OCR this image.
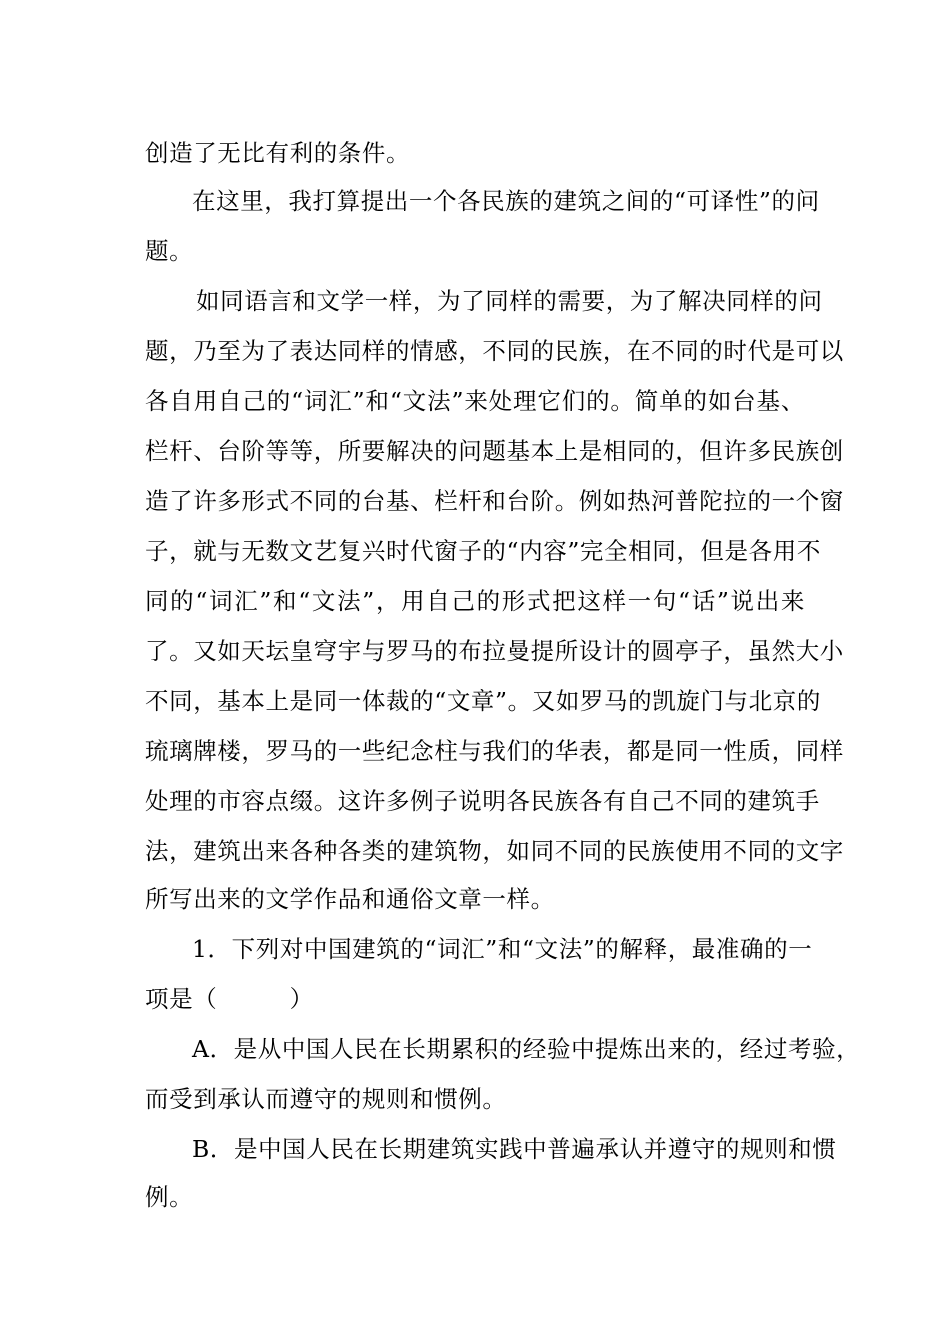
创造了无比有利的条件。
在这里，我打算提出一个各民族的建筑之间的“可译性”的问
题。
如同语言和文学一样，为了同样的需要，为了解决同样的问
题，乃至为了表达同样的情感，不同的民族，在不同的时代是可以
各自用自己的“词汇”和“文法”来处理它们的。简单的如台基、
栏杆、台阶等等，所要解决的问题基本上是相同的，但许多民族创
造了许多形式不同的台基、栏杆和台阶。例如热河普陀拉的一个窗
子，就与无数文艺复兴时代窗子的“内容”完全相同，但是各用不
同的“词汇”和“文法”，用自己的形式把这样一句“话”说出来
了。又如天坛皇穹宇与罗马的布拉曼提所设计的圆亭子，虽然大小
不同，基本上是同一体裁的“文章”。又如罗马的凯旋门与北京的
琉璃牌楼，罗马的一些纪念柱与我们的华表，都是同一性质，同样
处理的市容点缀。这许多例子说明各民族各有自己不同的建筑手
法，建筑出来各种各类的建筑物，如同不同的民族使用不同的文字
所写出来的文学作品和通俗文章一样。
1．下列对中国建筑的“词汇”和“文法”的解释，最准确的一
项是（　　　）
A．是从中国人民在长期累积的经验中提炼出来的，经过考验，
而受到承认而遵守的规则和惯例。
B．是中国人民在长期建筑实践中普遍承认并遵守的规则和惯
例。
